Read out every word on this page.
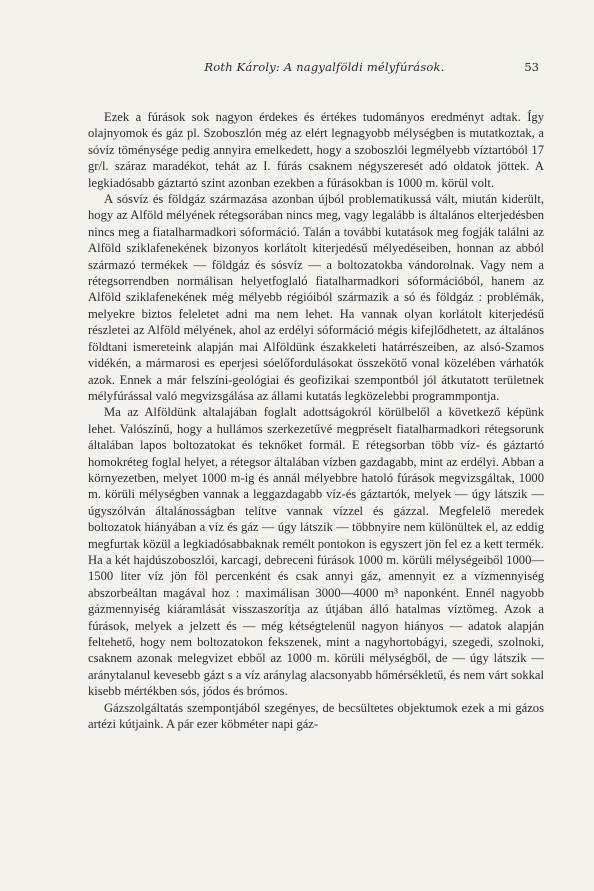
Roth Károly: A nagyalföldi mélyfúrások.	53

Ezek a fúrások sok nagyon érdekes és értékes tudományos eredményt adtak. Így olajnyomok és gáz pl. Szoboszlón még az elért legnagyobb mélységben is mutatkoztak, a sóvíz töménysége pedig annyira emelkedett, hogy a szoboszlói legmélyebb víztartóból 17 gr/l. száraz maradékot, tehát az I. fúrás csaknem négyszeresét adó oldatok jöttek. A legkiadósabb gáztartó szint azonban ezekben a fúrásokban is 1000 m. körül volt.

A sósvíz és földgáz származása azonban újból problematikussá vált, miután kiderült, hogy az Alföld mélyének rétegsorában nincs meg, vagy legalább is általános elterjedésben nincs meg a fiatalharmadkori sóformáció. Talán a további kutatások meg fogják találni az Alföld sziklafenekének bizonyos korlátolt kiterjedésű mélyedéseiben, honnan az abból származó termékek — földgáz és sósvíz — a boltozatokba vándorolnak. Vagy nem a rétegsorrendben normálisan helyetfoglaló fiatalharmadkori sóformációból, hanem az Alföld sziklafenekének még mélyebb régióiból származik a só és földgáz : problémák, melyekre biztos feleletet adni ma nem lehet. Ha vannak olyan korlátolt kiterjedésű részletei az Alföld mélyének, ahol az erdélyi sóformáció mégis kifejlődhetett, az általános földtani ismereteink alapján mai Alföldünk északkeleti határrészeiben, az alsó-Szamos vidékén, a mármarosi es eperjesi sóelőfordulásokat összekötő vonal közelében várhatók azok. Ennek a már felszíni-geológiai és geofizikai szempontból jól átkutatott területnek mélyfúrással való megvizsgálása az állami kutatás legközelebbi programmpontja.

Ma az Alföldünk altalajában foglalt adottságokról körülbelől a következő képünk lehet. Valószínű, hogy a hullámos szerkezetűvé megpréselt fiatalharmadkori rétegsorunk általában lapos boltozatokat és teknőket formál. E rétegsorban több víz- és gáztartó homokréteg foglal helyet, a rétegsor általában vízben gazdagabb, mint az erdélyi. Abban a környezetben, melyet 1000 m-ig és annál mélyebbre hatoló fúrások megvizsgáltak, 1000 m. körüli mélységben vannak a leggazdagabb víz-és gáztartók, melyek — úgy látszik — úgyszólván általánosságban telítve vannak vízzel és gázzal. Megfelelő meredek boltozatok hiányában a víz és gáz — úgy látszik — többnyire nem különültek el, az eddig megfurtak közül a legkiadósabbaknak remélt pontokon is egyszert jön fel ez a kett termék. Ha a két hajdúszoboszlói, karcagi, debreceni fúrások 1000 m. körüli mélységeiből 1000—1500 liter víz jön föl percenként és csak annyi gáz, amennyit ez a vízmennyiség abszorbeáltan magával hoz : maximálisan 3000—4000 m³ naponként. Ennél nagyobb gázmennyiség kiáramlását visszaszorítja az útjában álló hatalmas víztömeg. Azok a fúrások, melyek a jelzett és — még kétségtelenül nagyon hiányos — adatok alapján feltehető, hogy nem boltozatokon fekszenek, mint a nagyhortobágyi, szegedi, szolnoki, csaknem azonak melegvizet ebből az 1000 m. körüli mélységből, de — úgy látszik — aránytalanul kevesebb gázt s a víz aránylag alacsonyabb hőmérsékletű, és nem várt sokkal kisebb mértékben sós, jódos és brómos.

Gázszolgáltatás szempontjából szegényes, de becsültetes objektumok ezek a mi gázos artézi kútjaink. A pár ezer köbméter napi gáz-
